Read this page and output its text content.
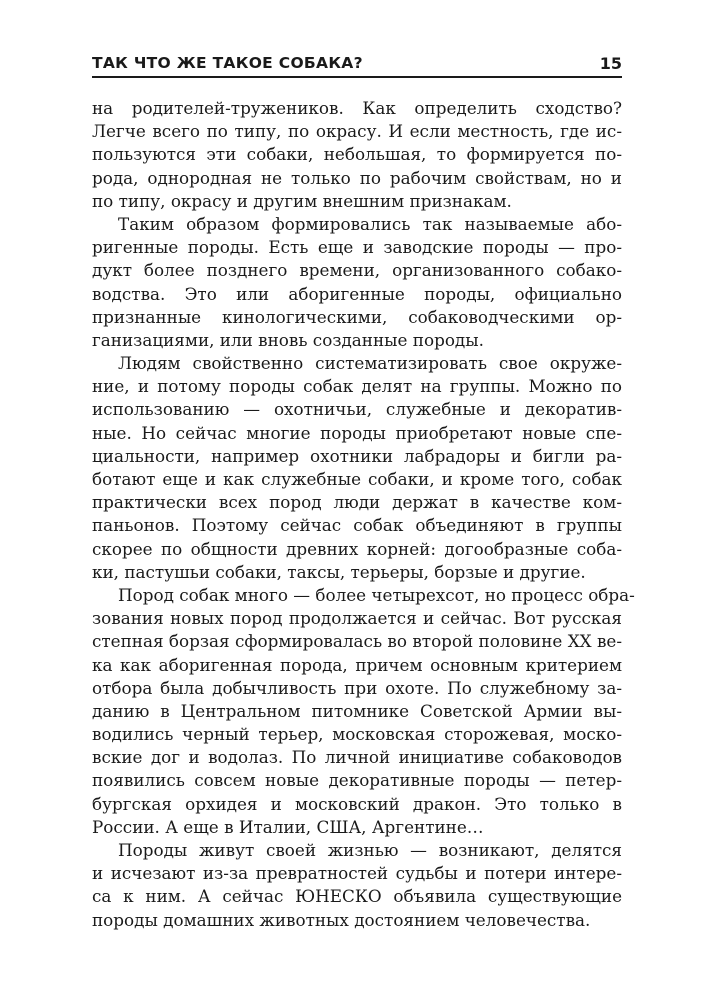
ТАК ЧТО ЖЕ ТАКОЕ СОБАКА?	15
на родителей-тружеников. Как определить сходство?
Легче всего по типу, по окрасу. И если местность, где ис-
пользуются эти собаки, небольшая, то формируется по-
рода, однородная не только по рабочим свойствам, но и
по типу, окрасу и другим внешним признакам.
Таким образом формировались так называемые або-
ригенные породы. Есть еще и заводские породы — про-
дукт более позднего времени, организованного собако-
водства. Это или аборигенные породы, официально
признанные кинологическими, собаководческими ор-
ганизациями, или вновь созданные породы.
Людям свойственно систематизировать свое окруже-
ние, и потому породы собак делят на группы. Можно по
использованию — охотничьи, служебные и декоратив-
ные. Но сейчас многие породы приобретают новые спе-
циальности, например охотники лабрадоры и бигли ра-
ботают еще и как служебные собаки, и кроме того, собак
практически всех пород люди держат в качестве ком-
паньонов. Поэтому сейчас собак объединяют в группы
скорее по общности древних корней: догообразные соба-
ки, пастушьи собаки, таксы, терьеры, борзые и другие.
Пород собак много — более четырехсот, но процесс обра-
зования новых пород продолжается и сейчас. Вот русская
степная борзая сформировалась во второй половине XX ве-
ка как аборигенная порода, причем основным критерием
отбора была добычливость при охоте. По служебному за-
данию в Центральном питомнике Советской Армии вы-
водились черный терьер, московская сторожевая, моско-
вские дог и водолаз. По личной инициативе собаководов
появились совсем новые декоративные породы — петер-
бургская орхидея и московский дракон. Это только в
России. А еще в Италии, США, Аргентине…
Породы живут своей жизнью — возникают, делятся
и исчезают из-за превратностей судьбы и потери интере-
са к ним. А сейчас ЮНЕСКО объявила существующие
породы домашних животных достоянием человечества.
